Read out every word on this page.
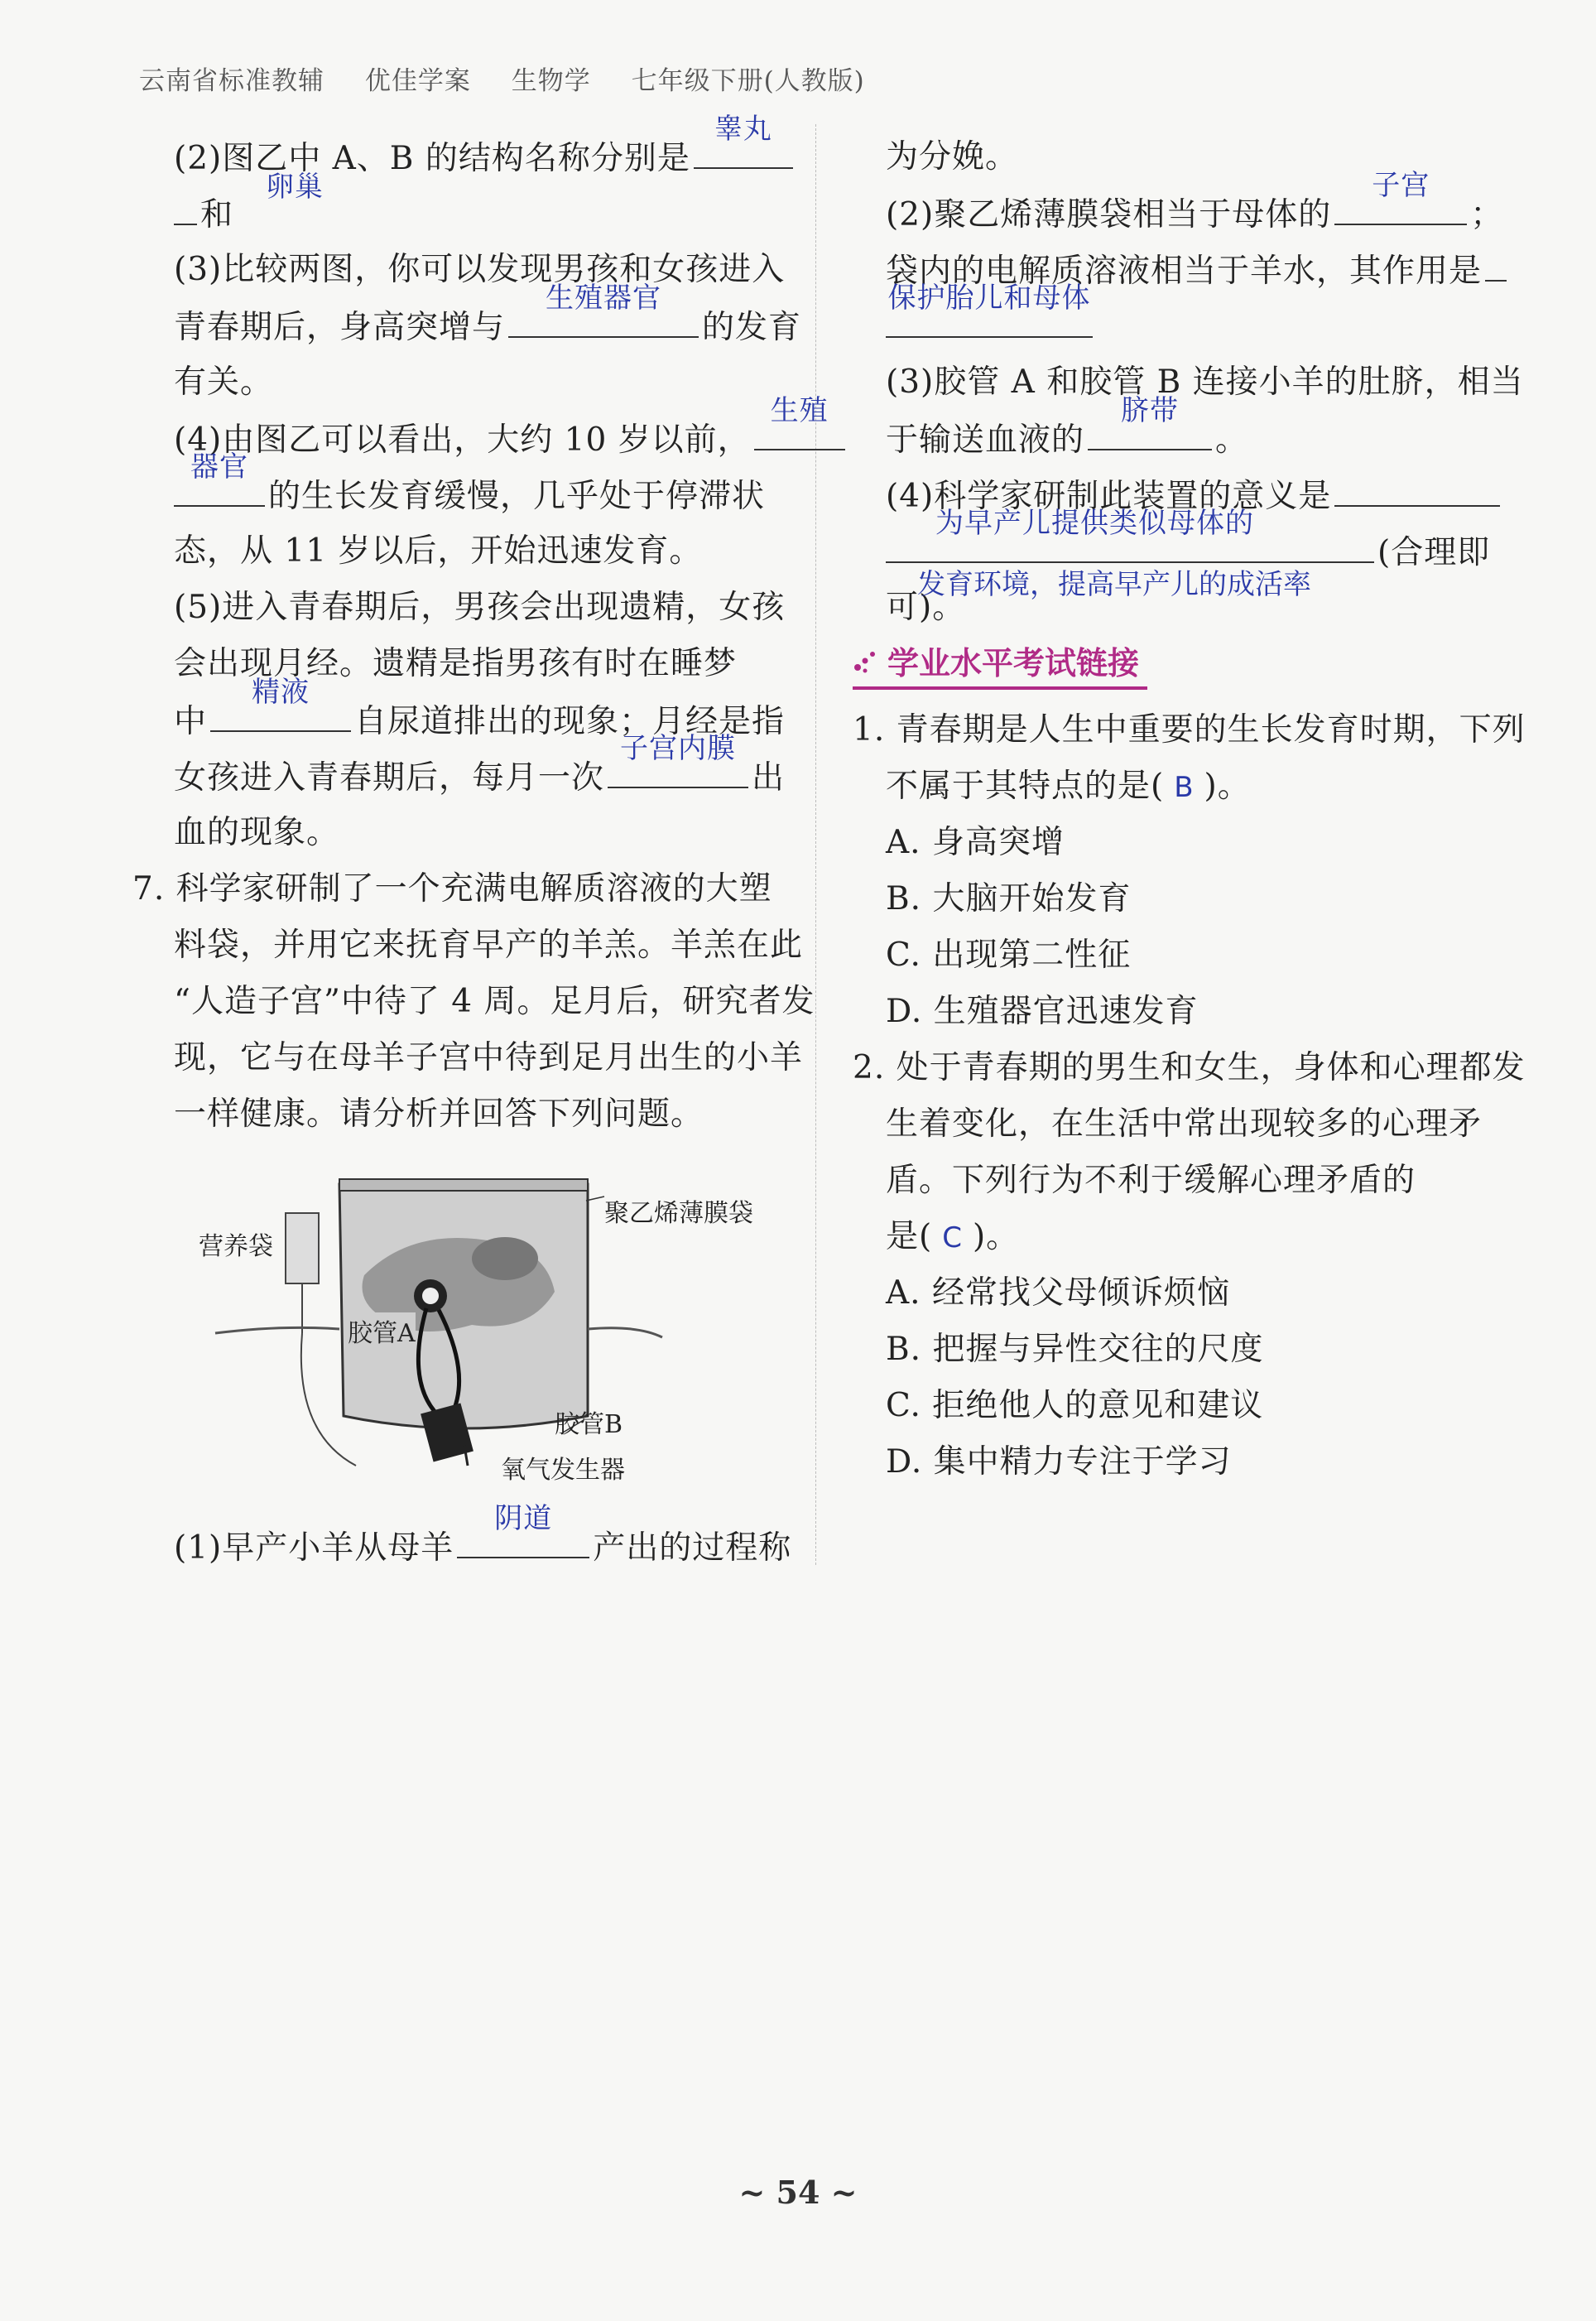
云南省标准教辅 优佳学案 生物学 七年级下册(人教版)
(2)图乙中 A、B 的结构名称分别是
睾丸
和
卵巢
(3)比较两图，你可以发现男孩和女孩进入
青春期后，身高突增与
生殖器官
的发育
有关。
(4)由图乙可以看出，大约 10 岁以前，
生殖
器官
的生长发育缓慢，几乎处于停滞状
态，从 11 岁以后，开始迅速发育。
(5)进入青春期后，男孩会出现遗精，女孩
会出现月经。遗精是指男孩有时在睡梦
中
精液
自尿道排出的现象；月经是指
女孩进入青春期后，每月一次
子宫内膜
出
血的现象。
7. 科学家研制了一个充满电解质溶液的大塑
料袋，并用它来抚育早产的羊羔。羊羔在此
“人造子宫”中待了 4 周。足月后，研究者发
现，它与在母羊子宫中待到足月出生的小羊
一样健康。请分析并回答下列问题。
聚乙烯薄膜袋
营养袋
胶管A
胶管B
氧气发生器
(1)早产小羊从母羊
阴道
产出的过程称
为分娩。
(2)聚乙烯薄膜袋相当于母体的
子宫
；
袋内的电解质溶液相当于羊水，其作用是
保护胎儿和母体
(3)胶管 A 和胶管 B 连接小羊的肚脐，相当
于输送血液的
脐带
。
(4)科学家研制此装置的意义是
为早产儿提供类似母体的
(合理即
可)。
发育环境，提高早产儿的成活率
学业水平考试链接
1. 青春期是人生中重要的生长发育时期，下列
不属于其特点的是( B )。
A. 身高突增
B. 大脑开始发育
C. 出现第二性征
D. 生殖器官迅速发育
2. 处于青春期的男生和女生，身体和心理都发
生着变化，在生活中常出现较多的心理矛
盾。下列行为不利于缓解心理矛盾的
是( C )。
A. 经常找父母倾诉烦恼
B. 把握与异性交往的尺度
C. 拒绝他人的意见和建议
D. 集中精力专注于学习
~ 54 ~
